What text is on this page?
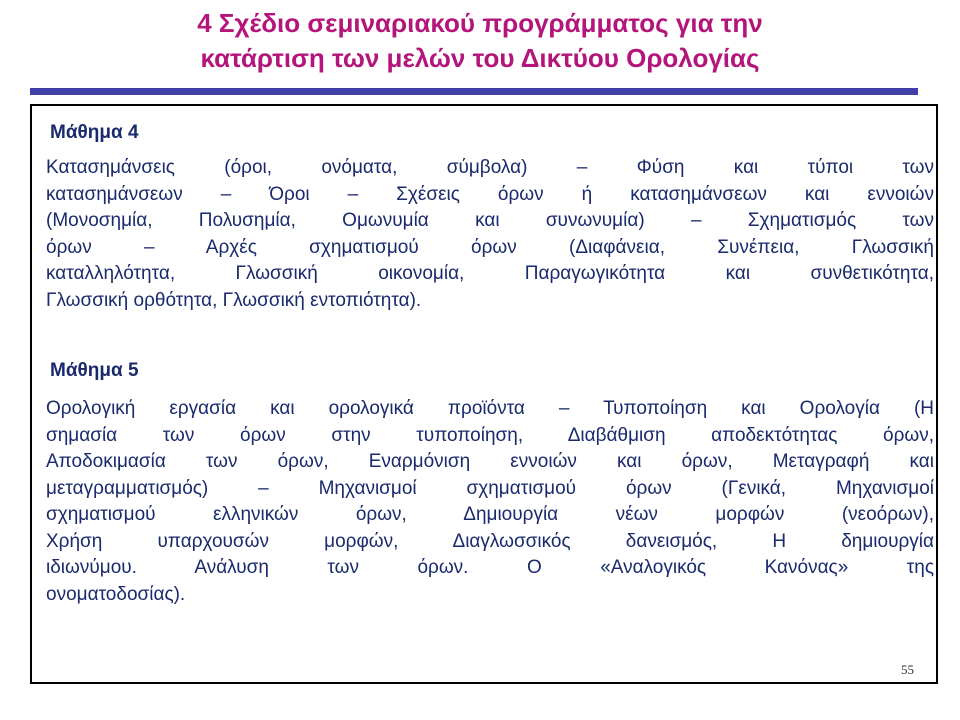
4 Σχέδιο σεμιναριακού προγράμματος για την
κατάρτιση των μελών του Δικτύου Ορολογίας
Μάθημα 4
Κατασημάνσεις (όροι, ονόματα, σύμβολα) – Φύση και τύποι των
κατασημάνσεων – Όροι – Σχέσεις όρων ή κατασημάνσεων και εννοιών
(Μονοσημία, Πολυσημία, Ομωνυμία και συνωνυμία) – Σχηματισμός των
όρων – Αρχές σχηματισμού όρων (Διαφάνεια, Συνέπεια, Γλωσσική
καταλληλότητα, Γλωσσική οικονομία, Παραγωγικότητα και συνθετικότητα,
Γλωσσική ορθότητα, Γλωσσική εντοπιότητα).
Μάθημα 5
Ορολογική εργασία και ορολογικά προϊόντα – Τυποποίηση και Ορολογία (Η
σημασία των όρων στην τυποποίηση, Διαβάθμιση αποδεκτότητας όρων,
Αποδοκιμασία των όρων, Εναρμόνιση εννοιών και όρων, Μεταγραφή και
μεταγραμματισμός) – Μηχανισμοί σχηματισμού όρων (Γενικά, Μηχανισμοί
σχηματισμού ελληνικών όρων, Δημιουργία νέων μορφών (νεοόρων),
Χρήση υπαρχουσών μορφών, Διαγλωσσικός δανεισμός, Η δημιουργία
ιδιωνύμου. Ανάλυση των όρων. Ο «Αναλογικός Κανόνας» της
ονοματοδοσίας).
55
